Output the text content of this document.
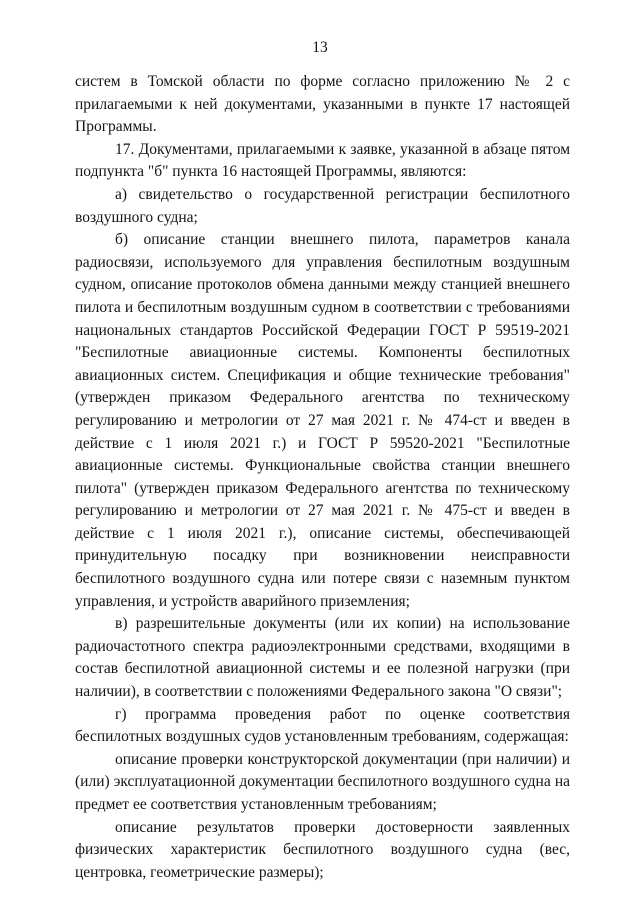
13

систем в Томской области по форме согласно приложению № 2 с прилагаемыми к ней документами, указанными в пункте 17 настоящей Программы.

17. Документами, прилагаемыми к заявке, указанной в абзаце пятом подпункта "б" пункта 16 настоящей Программы, являются:

а) свидетельство о государственной регистрации беспилотного воздушного судна;

б) описание станции внешнего пилота, параметров канала радиосвязи, используемого для управления беспилотным воздушным судном, описание протоколов обмена данными между станцией внешнего пилота и беспилотным воздушным судном в соответствии с требованиями национальных стандартов Российской Федерации ГОСТ Р 59519-2021 "Беспилотные авиационные системы. Компоненты беспилотных авиационных систем. Спецификация и общие технические требования" (утвержден приказом Федерального агентства по техническому регулированию и метрологии от 27 мая 2021 г. № 474-ст и введен в действие с 1 июля 2021 г.) и ГОСТ Р 59520-2021 "Беспилотные авиационные системы. Функциональные свойства станции внешнего пилота" (утвержден приказом Федерального агентства по техническому регулированию и метрологии от 27 мая 2021 г. № 475-ст и введен в действие с 1 июля 2021 г.), описание системы, обеспечивающей принудительную посадку при возникновении неисправности беспилотного воздушного судна или потере связи с наземным пунктом управления, и устройств аварийного приземления;

в) разрешительные документы (или их копии) на использование радиочастотного спектра радиоэлектронными средствами, входящими в состав беспилотной авиационной системы и ее полезной нагрузки (при наличии), в соответствии с положениями Федерального закона "О связи";

г) программа проведения работ по оценке соответствия беспилотных воздушных судов установленным требованиям, содержащая:

описание проверки конструкторской документации (при наличии) и (или) эксплуатационной документации беспилотного воздушного судна на предмет ее соответствия установленным требованиям;

описание результатов проверки достоверности заявленных физических характеристик беспилотного воздушного судна (вес, центровка, геометрические размеры);
